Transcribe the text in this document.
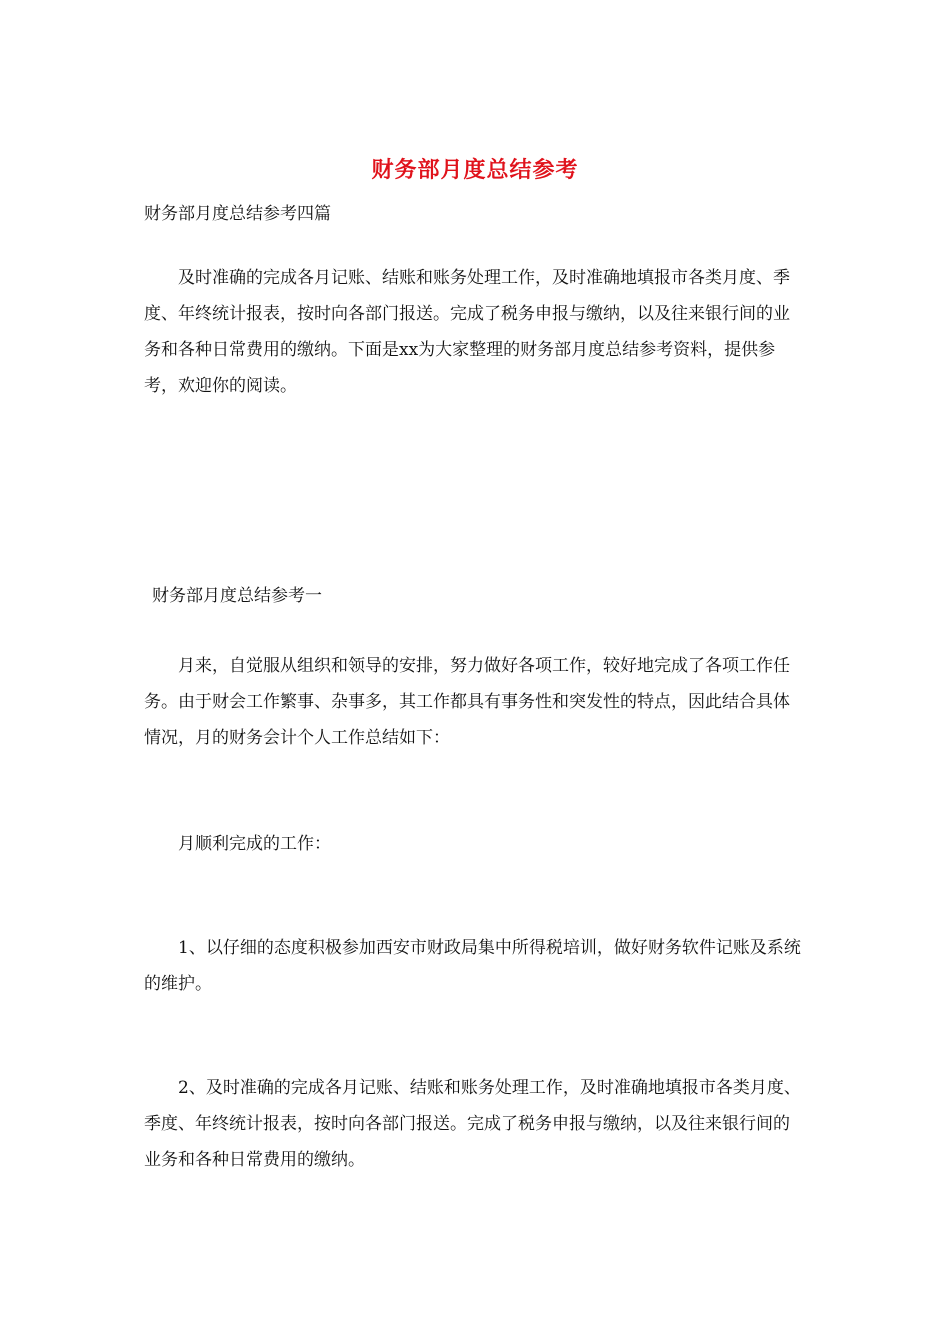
财务部月度总结参考

财务部月度总结参考四篇

及时准确的完成各月记账、结账和账务处理工作，及时准确地填报市各类月度、季度、年终统计报表，按时向各部门报送。完成了税务申报与缴纳，以及往来银行间的业务和各种日常费用的缴纳。下面是xx为大家整理的财务部月度总结参考资料，提供参考，欢迎你的阅读。

财务部月度总结参考一

月来，自觉服从组织和领导的安排，努力做好各项工作，较好地完成了各项工作任务。由于财会工作繁事、杂事多，其工作都具有事务性和突发性的特点，因此结合具体情况，月的财务会计个人工作总结如下：

月顺利完成的工作：

1、以仔细的态度积极参加西安市财政局集中所得税培训，做好财务软件记账及系统的维护。

2、及时准确的完成各月记账、结账和账务处理工作，及时准确地填报市各类月度、季度、年终统计报表，按时向各部门报送。完成了税务申报与缴纳，以及往来银行间的业务和各种日常费用的缴纳。
